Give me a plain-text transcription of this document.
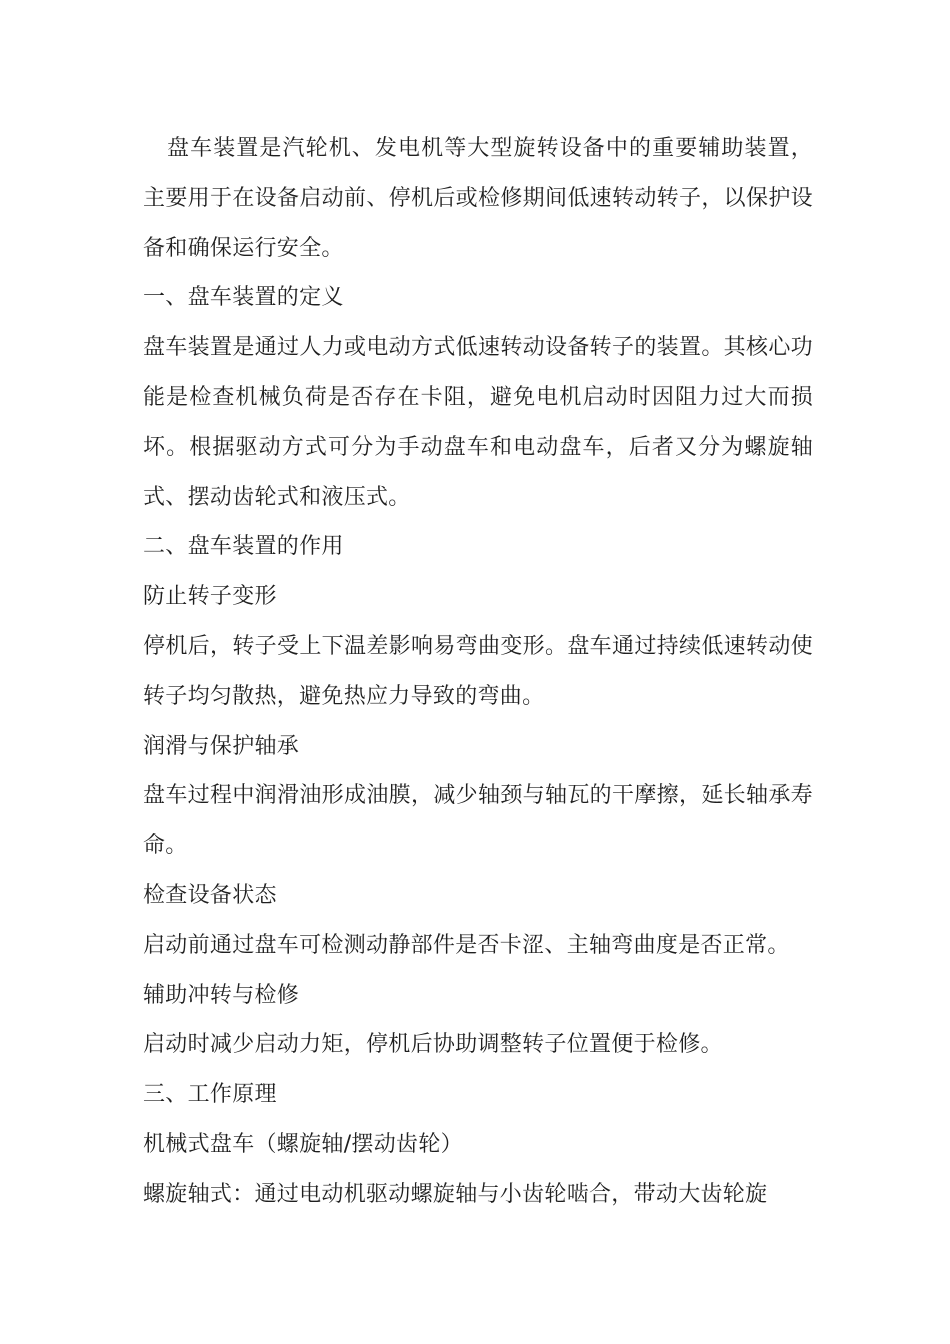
盘车装置是汽轮机、发电机等大型旋转设备中的重要辅助装置，主要用于在设备启动前、停机后或检修期间低速转动转子，以保护设备和确保运行安全。

一、盘车装置的定义

盘车装置是通过人力或电动方式低速转动设备转子的装置。其核心功能是检查机械负荷是否存在卡阻，避免电机启动时因阻力过大而损坏。根据驱动方式可分为手动盘车和电动盘车，后者又分为螺旋轴式、摆动齿轮式和液压式。

二、盘车装置的作用

防止转子变形

停机后，转子受上下温差影响易弯曲变形。盘车通过持续低速转动使转子均匀散热，避免热应力导致的弯曲。

润滑与保护轴承

盘车过程中润滑油形成油膜，减少轴颈与轴瓦的干摩擦，延长轴承寿命。

检查设备状态

启动前通过盘车可检测动静部件是否卡涩、主轴弯曲度是否正常。

辅助冲转与检修

启动时减少启动力矩，停机后协助调整转子位置便于检修。

三、工作原理

机械式盘车（螺旋轴/摆动齿轮）

螺旋轴式：通过电动机驱动螺旋轴与小齿轮啮合，带动大齿轮旋
